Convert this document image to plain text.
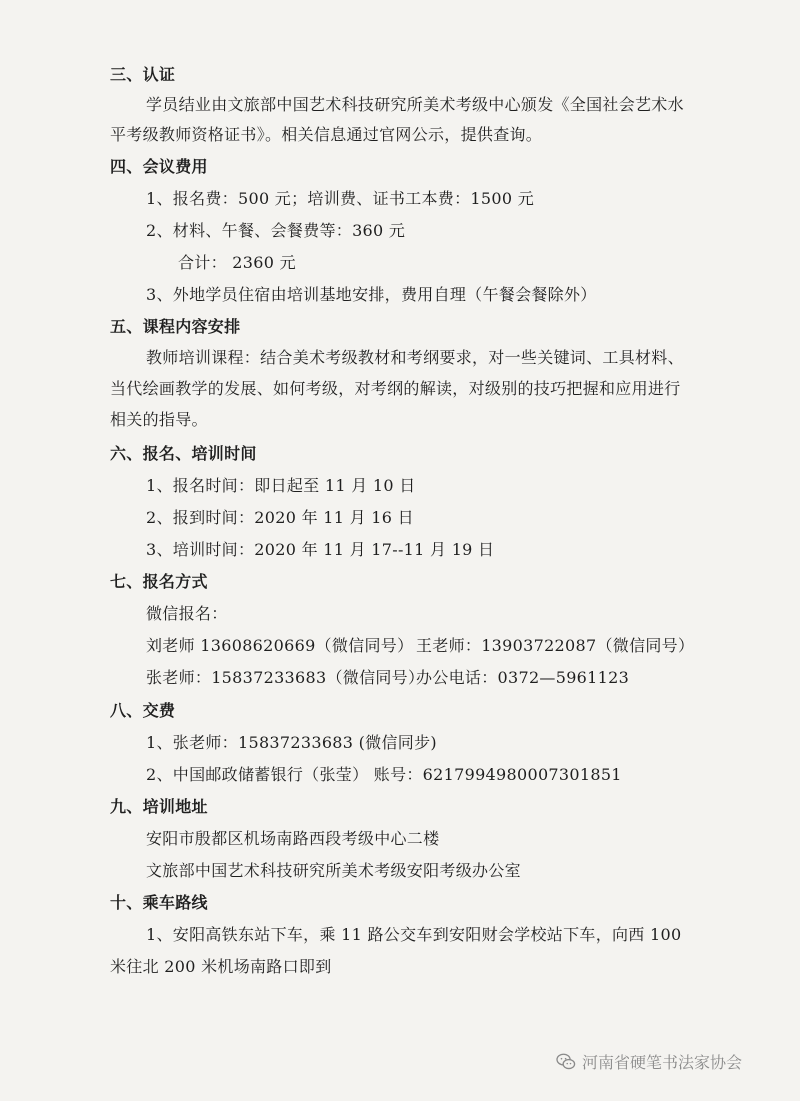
三、认证
学员结业由文旅部中国艺术科技研究所美术考级中心颁发《全国社会艺术水
平考级教师资格证书》。相关信息通过官网公示，提供查询。
四、会议费用
1、报名费：500 元；培训费、证书工本费：1500 元
2、材料、午餐、会餐费等：360 元
合计： 2360 元
3、外地学员住宿由培训基地安排，费用自理（午餐会餐除外）
五、课程内容安排
教师培训课程：结合美术考级教材和考纲要求，对一些关键词、工具材料、
当代绘画教学的发展、如何考级，对考纲的解读，对级别的技巧把握和应用进行
相关的指导。
六、报名、培训时间
1、报名时间：即日起至 11 月 10 日
2、报到时间：2020 年 11 月 16 日
3、培训时间：2020 年 11 月 17--11 月 19 日
七、报名方式
微信报名：
刘老师 13608620669（微信同号） 王老师：13903722087（微信同号）
张老师：15837233683（微信同号）
办公电话：0372—5961123
八、交费
1、张老师：15837233683 (微信同步)
2、中国邮政储蓄银行（张莹） 账号：6217994980007301851
九、培训地址
安阳市殷都区机场南路西段考级中心二楼
文旅部中国艺术科技研究所美术考级安阳考级办公室
十、乘车路线
1、安阳高铁东站下车，乘 11 路公交车到安阳财会学校站下车，向西 100
米往北 200 米机场南路口即到
河南省硬笔书法家协会
